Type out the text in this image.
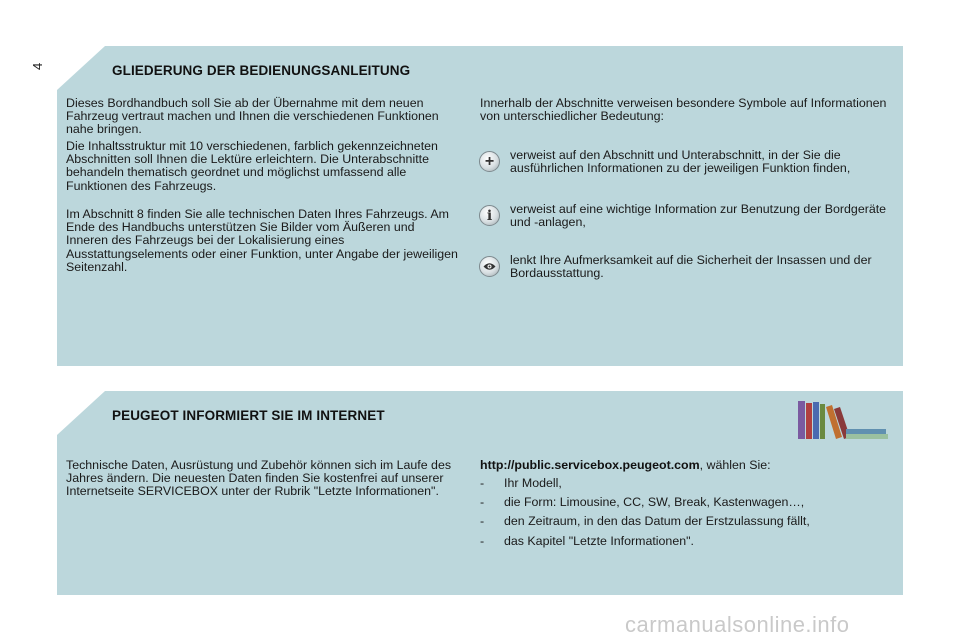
4	GLIEDERUNG DER BEDIENUNGSANLEITUNG
Dieses Bordhandbuch soll Sie ab der Übernahme mit dem neuen Fahrzeug vertraut machen und Ihnen die verschiedenen Funktionen nahe bringen.
Die Inhaltsstruktur mit 10 verschiedenen, farblich gekennzeichneten Abschnitten soll Ihnen die Lektüre erleichtern. Die Unterabschnitte behandeln thematisch geordnet und möglichst umfassend alle Funktionen des Fahrzeugs.
Im Abschnitt 8 finden Sie alle technischen Daten Ihres Fahrzeugs. Am Ende des Handbuchs unterstützen Sie Bilder vom Äußeren und Inneren des Fahrzeugs bei der Lokalisierung eines Ausstattungselements oder einer Funktion, unter Angabe der jeweiligen Seitenzahl.
Innerhalb der Abschnitte verweisen besondere Symbole auf Informationen von unterschiedlicher Bedeutung:
+	verweist auf den Abschnitt und Unterabschnitt, in der Sie die ausführlichen Informationen zu der jeweiligen Funktion finden,
i	verweist auf eine wichtige Information zur Benutzung der Bordgeräte und -anlagen,
lenkt Ihre Aufmerksamkeit auf die Sicherheit der Insassen und der Bordausstattung.
PEUGEOT INFORMIERT SIE IM INTERNET
Technische Daten, Ausrüstung und Zubehör können sich im Laufe des Jahres ändern. Die neuesten Daten finden Sie kostenfrei auf unserer Internetseite SERVICEBOX unter der Rubrik "Letzte Informationen".
http://public.servicebox.peugeot.com, wählen Sie:
- Ihr Modell,
- die Form: Limousine, CC, SW, Break, Kastenwagen…,
- den Zeitraum, in den das Datum der Erstzulassung fällt,
- das Kapitel "Letzte Informationen".
carmanualsonline.info
